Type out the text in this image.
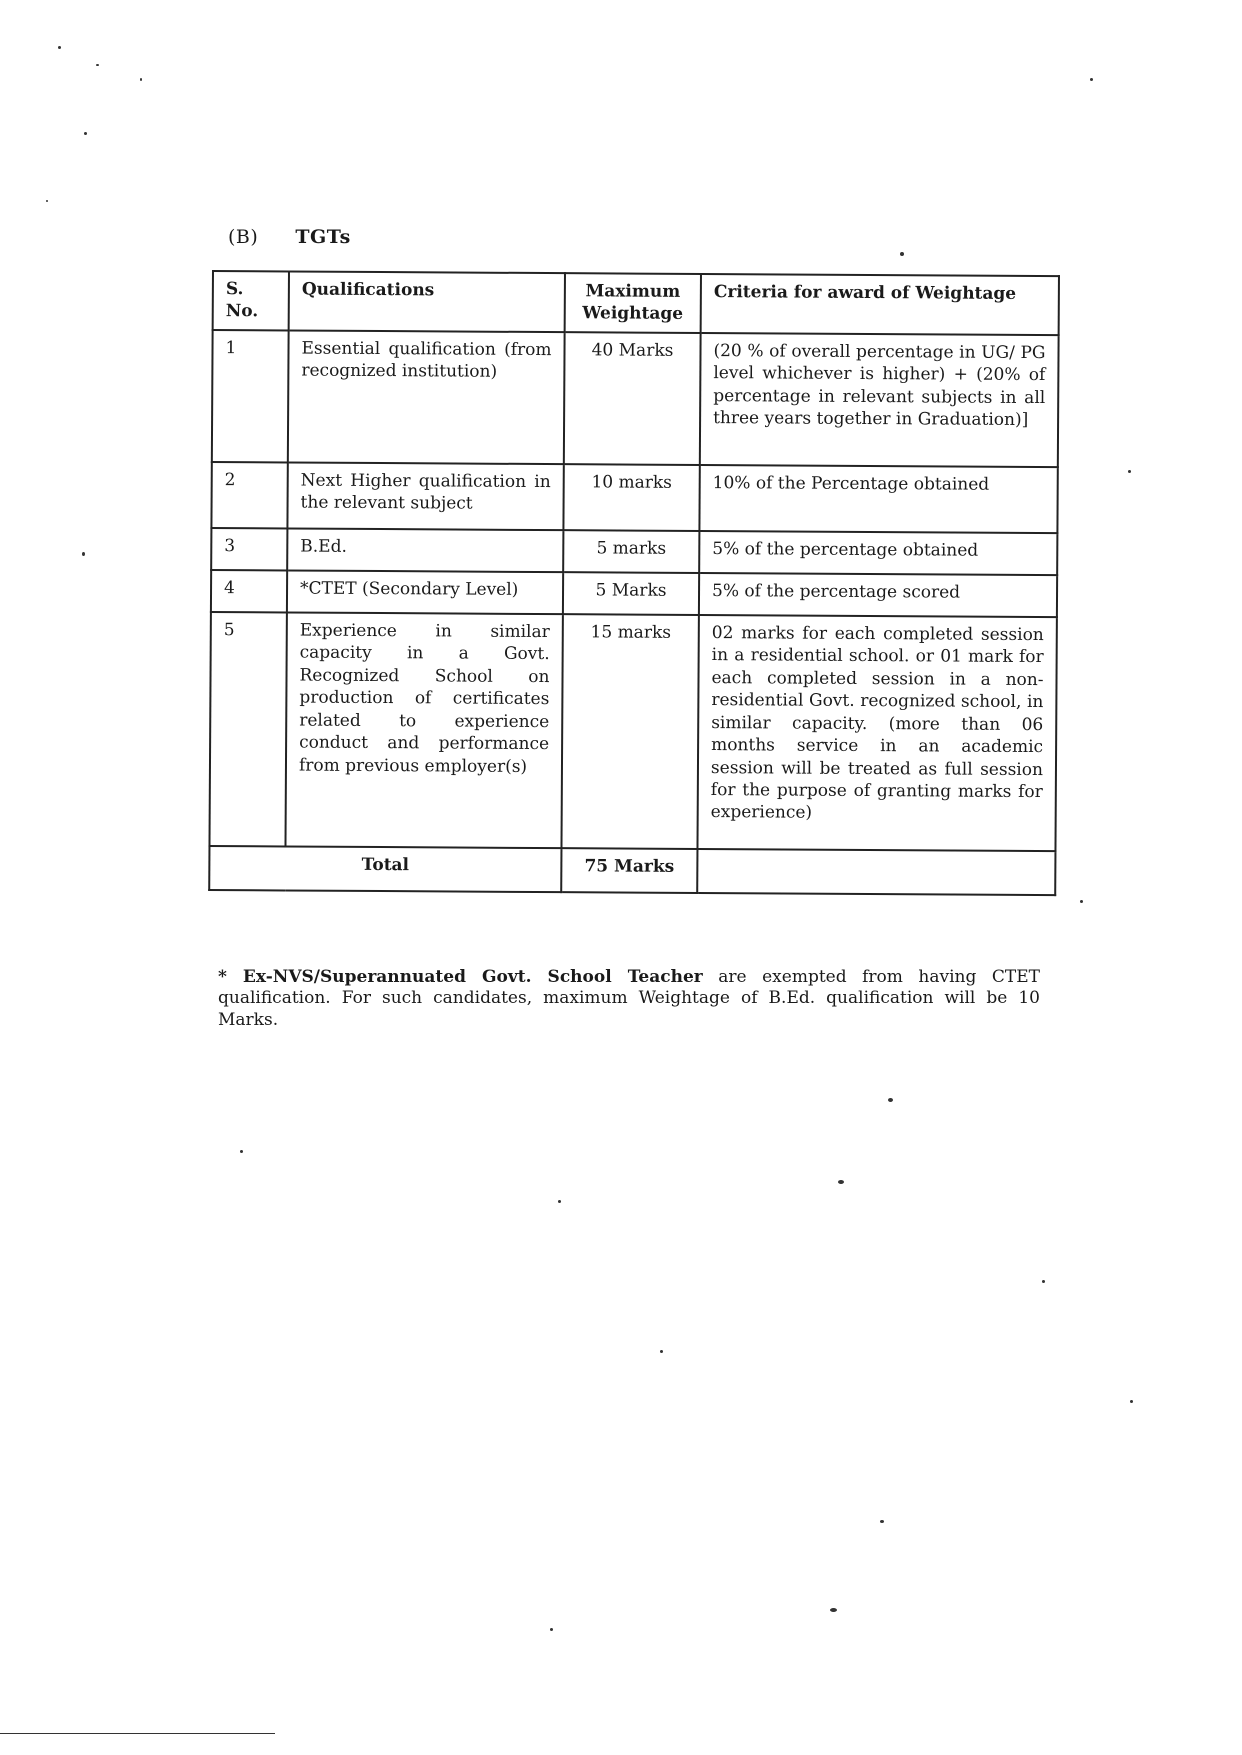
(B) TGTs
S. No.	Qualifications	Maximum Weightage	Criteria for award of Weightage
1	Essential qualification (from recognized institution)	40 Marks	(20 % of overall percentage in UG/ PG level whichever is higher) + (20% of percentage in relevant subjects in all three years together in Graduation)]
2	Next Higher qualification in the relevant subject	10 marks	10% of the Percentage obtained
3	B.Ed.	5 marks	5% of the percentage obtained
4	*CTET (Secondary Level)	5 Marks	5% of the percentage scored
5	Experience in similar capacity in a Govt. Recognized School on production of certificates related to experience conduct and performance from previous employer(s)	15 marks	02 marks for each completed session in a residential school. or 01 mark for each completed session in a non-residential Govt. recognized school, in similar capacity. (more than 06 months service in an academic session will be treated as full session for the purpose of granting marks for experience)
Total		75 Marks	

* Ex-NVS/Superannuated Govt. School Teacher are exempted from having CTET qualification. For such candidates, maximum Weightage of B.Ed. qualification will be 10 Marks.
